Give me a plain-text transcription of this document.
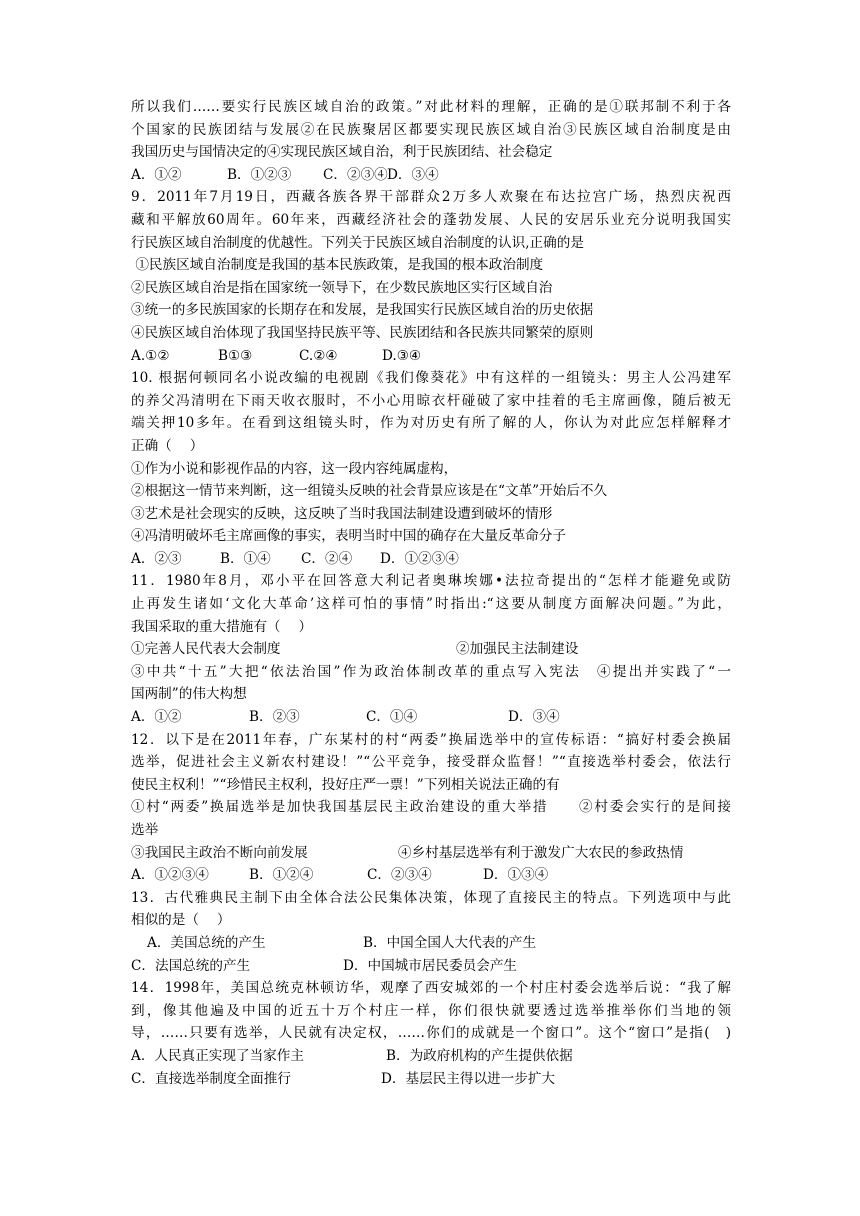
所以我们……要实行民族区域自治的政策。”对此材料的理解，正确的是①联邦制不利于各
个国家的民族团结与发展②在民族聚居区都要实现民族区域自治③民族区域自治制度是由
我国历史与国情决定的④实现民族区域自治，利于民族团结、社会稳定
A．①②	B．①②③ C．②③④D．③④
9．2011年7月19日，西藏各族各界干部群众2万多人欢聚在布达拉宫广场，热烈庆祝西
藏和平解放60周年。60年来，西藏经济社会的蓬勃发展、人民的安居乐业充分说明我国实
行民族区域自治制度的优越性。下列关于民族区域自治制度的认识,正确的是
①民族区域自治制度是我国的基本民族政策，是我国的根本政治制度
②民族区域自治是指在国家统一领导下，在少数民族地区实行区域自治
③统一的多民族国家的长期存在和发展，是我国实行民族区域自治的历史依据
④民族区域自治体现了我国坚持民族平等、民族团结和各民族共同繁荣的原则
A.①②	B①③	C.②④	D.③④
10. 根据何顿同名小说改编的电视剧《我们像葵花》中有这样的一组镜头：男主人公冯建军
的养父冯清明在下雨天收衣服时，不小心用晾衣杆碰破了家中挂着的毛主席画像，随后被无
端关押10多年。在看到这组镜头时，作为对历史有所了解的人，你认为对此应怎样解释才
正确（　 ）
①作为小说和影视作品的内容，这一段内容纯属虚构，
②根据这一情节来判断，这一组镜头反映的社会背景应该是在“文革”开始后不久
③艺术是社会现实的反映，这反映了当时我国法制建设遭到破坏的情形
④冯清明破坏毛主席画像的事实，表明当时中国的确存在大量反革命分子
A．②③	B．①④ C．②④ D．①②③④
11．1980年8月，邓小平在回答意大利记者奥琳埃娜•法拉奇提出的“怎样才能避免或防
止再发生诸如‘文化大革命’这样可怕的事情”时指出:“这要从制度方面解决问题。”为此，
我国采取的重大措施有（　 ）
①完善人民代表大会制度	②加强民主法制建设
③中共“十五”大把“依法治国”作为政治体制改革的重点写入宪法　④提出并实践了“一
国两制”的伟大构想
A．①②	B．②③	C．①④	D．③④
12．以下是在2011年春，广东某村的村“两委”换届选举中的宣传标语：“搞好村委会换届
选举，促进社会主义新农村建设！”“公平竞争，接受群众监督！”“直接选举村委会，依法行
使民主权利！”“珍惜民主权利，投好庄严一票！”下列相关说法正确的有
①村“两委”换届选举是加快我国基层民主政治建设的重大举措　　②村委会实行的是间接
选举
③我国民主政治不断向前发展	④乡村基层选举有利于激发广大农民的参政热情
A．①②③④	B．①②④	C．②③④	D．①③④
13．古代雅典民主制下由全体合法公民集体决策，体现了直接民主的特点。下列选项中与此
相似的是（　 ）
A．美国总统的产生	B．中国全国人大代表的产生
C．法国总统的产生	D．中国城市居民委员会产生
14．1998年，美国总统克林顿访华，观摩了西安城郊的一个村庄村委会选举后说：“我了解
到，像其他遍及中国的近五十万个村庄一样，你们很快就要透过选举推举你们当地的领
导，……只要有选举，人民就有决定权，……你们的成就是一个窗口”。这个“窗口”是指(　)
A．人民真正实现了当家作主	B．为政府机构的产生提供依据
C．直接选举制度全面推行	D．基层民主得以进一步扩大
